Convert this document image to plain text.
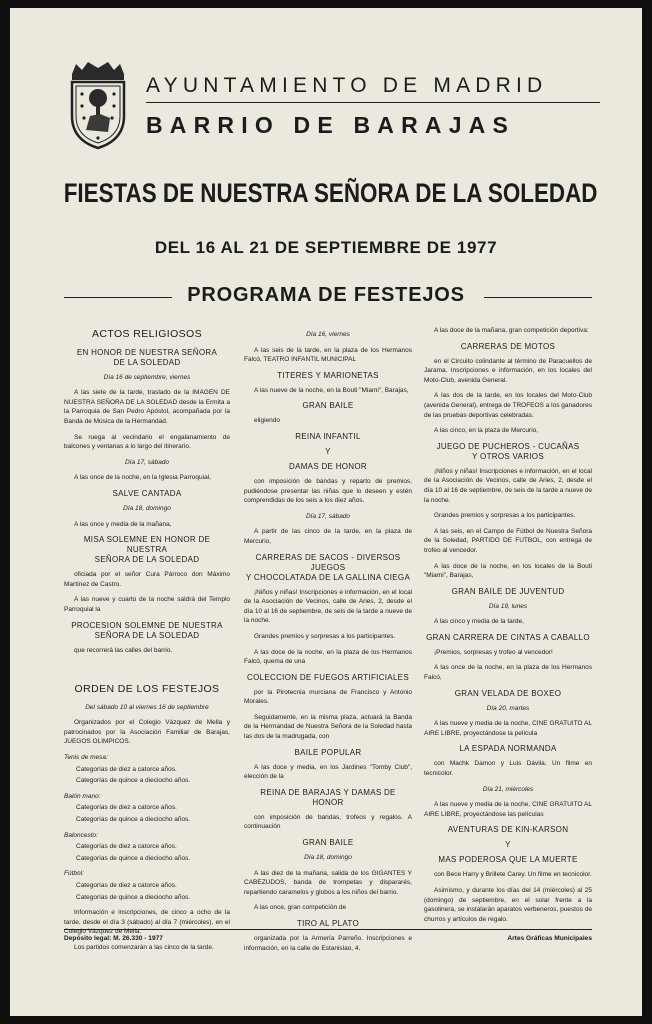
AYUNTAMIENTO DE MADRID
BARRIO DE BARAJAS
FIESTAS DE NUESTRA SEÑORA DE LA SOLEDAD
DEL 16 AL 21 DE SEPTIEMBRE DE 1977
PROGRAMA DE FESTEJOS
ACTOS RELIGIOSOS
EN HONOR DE NUESTRA SEÑORA
DE LA SOLEDAD
Día 16 de septiembre, viernes

A las siete de la tarde, traslado de la IMAGEN DE NUESTRA SEÑORA DE LA SOLEDAD desde la Ermita a la Parroquia de San Pedro Apóstol, acompañada por la Banda de Música de la Hermandad.

Se ruega al vecindario el engalanamiento de balcones y ventanas a lo largo del itinerario.

Día 17, sábado

A las once de la noche, en la Iglesia Parroquial,

SALVE CANTADA
Día 18, domingo

A las once y media de la mañana,

MISA SOLEMNE EN HONOR DE NUESTRA
SEÑORA DE LA SOLEDAD

oficiada por el señor Cura Párroco don Máximo Martínez de Castro.

A las nueve y cuarto de la noche saldrá del Templo Parroquial la

PROCESION SOLEMNE DE NUESTRA
SEÑORA DE LA SOLEDAD

que recorrerá las calles del barrio.

ORDEN DE LOS FESTEJOS
Del sábado 10 al viernes 16 de septiembre

Organizados por el Colegio Vázquez de Mella y patrocinados por la Asociación Familiar de Barajas, JUEGOS OLIMPICOS.

Tenis de mesa:
Categorías de diez a catorce años.
Categorías de quince a dieciocho años.
Balón mano:
Categorías de diez a catorce años.
Categorías de quince a dieciocho años.
Baloncesto:
Categorías de diez a catorce años.
Categorías de quince a dieciocho años.
Fútbol:
Categorías de diez a catorce años.
Categorías de quince a dieciocho años.

Información e inscripciones, de cinco a ocho de la tarde, desde el día 3 (sábado) al día 7 (miércoles), en el Colegio Vázquez de Mella.

Los partidos comenzarán a las cinco de la tarde.

Día 16, viernes

A las seis de la tarde, en la plaza de los Hermanos Falcó, TEATRO INFANTIL MUNICIPAL

TITERES Y MARIONETAS

A las nueve de la noche, en la Bouti "Miami", Barajas,

GRAN BAILE

eligiendo

REINA INFANTIL
Y
DAMAS DE HONOR

con imposición de bandas y reparto de premios, pudiéndose presentar las niñas que lo deseen y estén comprendidas de los seis a los diez años.

Día 17, sábado

A partir de las cinco de la tarde, en la plaza de Mercurio,

CARRERAS DE SACOS - DIVERSOS JUEGOS
Y CHOCOLATADA DE LA GALLINA CIEGA

¡Niños y niñas! Inscripciones e información, en el local de la Asociación de Vecinos, calle de Aries, 2, desde el día 10 al 16 de septiembre, de seis de la tarde a nueve de la noche.

Grandes premios y sorpresas a los participantes.

A las doce de la noche, en la plaza de los Hermanos Falcó, quema de una

COLECCION DE FUEGOS ARTIFICIALES

por la Pirotecnia murciana de Francisco y Antonio Morales.

Seguidamente, en la misma plaza, actuará la Banda de la Hermandad de Nuestra Señora de la Soledad hasta las dos de la madrugada, con

BAILE POPULAR

A las doce y media, en los Jardines "Tomby Club", elección de la

REINA DE BARAJAS Y DAMAS DE HONOR

con imposición de bandas, trofeos y regalos. A continuación

GRAN BAILE
Día 18, domingo

A las diez de la mañana, salida de los GIGANTES Y CABEZUDOS, banda de trompetas y dispararés, repartiendo caramelos y globos a los niños del barrio.

A las once, gran competición de

TIRO AL PLATO

organizada por la Armería Parreño. Inscripciones e información, en la calle de Estanislao, 4.

A las doce de la mañana, gran competición deportiva:

CARRERAS DE MOTOS

en el Circuito colindante al término de Paracuellos de Jarama. Inscripciones e información, en los locales del Moto-Club, avenida General.

A las dos de la tarde, en los locales del Moto-Club (avenida General), entrega de TROFEOS a los ganadores de las pruebas deportivas celebradas.

A las cinco, en la plaza de Mercurio,

JUEGO DE PUCHEROS - CUCAÑAS
Y OTROS VARIOS

¡Niños y niñas! Inscripciones e información, en el local de la Asociación de Vecinos, calle de Aries, 2, desde el día 10 al 16 de septiembre, de seis de la tarde a nueve de la noche.

Grandes premios y sorpresas a los participantes.

A las seis, en el Campo de Fútbol de Nuestra Señora de la Soledad, PARTIDO DE FUTBOL, con entrega de trofeo al vencedor.

A las doce de la noche, en los locales de la Bouti "Miami", Barajas,

GRAN BAILE DE JUVENTUD
Día 19, lunes

A las cinco y media de la tarde,

GRAN CARRERA DE CINTAS A CABALLO

¡Premios, sorpresas y trofeo al vencedor!

A las once de la noche, en la plaza de los Hermanos Falcó,

GRAN VELADA DE BOXEO
Día 20, martes

A las nueve y media de la noche, CINE GRATUITO AL AIRE LIBRE, proyectándose la película

LA ESPADA NORMANDA

con Machk Damon y Luis Dávila. Un filme en tecnicolor.

Día 21, miércoles

A las nueve y media de la noche, CINE GRATUITO AL AIRE LIBRE, proyectándose las películas

AVENTURAS DE KIN-KARSON
Y
MAS PODEROSA QUE LA MUERTE

con Bece Harry y Brillete Carey. Un filme en tecnicolor.

Asimismo, y durante los días del 14 (miércoles) al 25 (domingo) de septiembre, en el solar frente a la gasolinera, se instalarán aparatos verbeneros, puestos de churros y artículos de regalo.

Depósito legal: M. 26.330 - 1977	Artes Gráficas Municipales
